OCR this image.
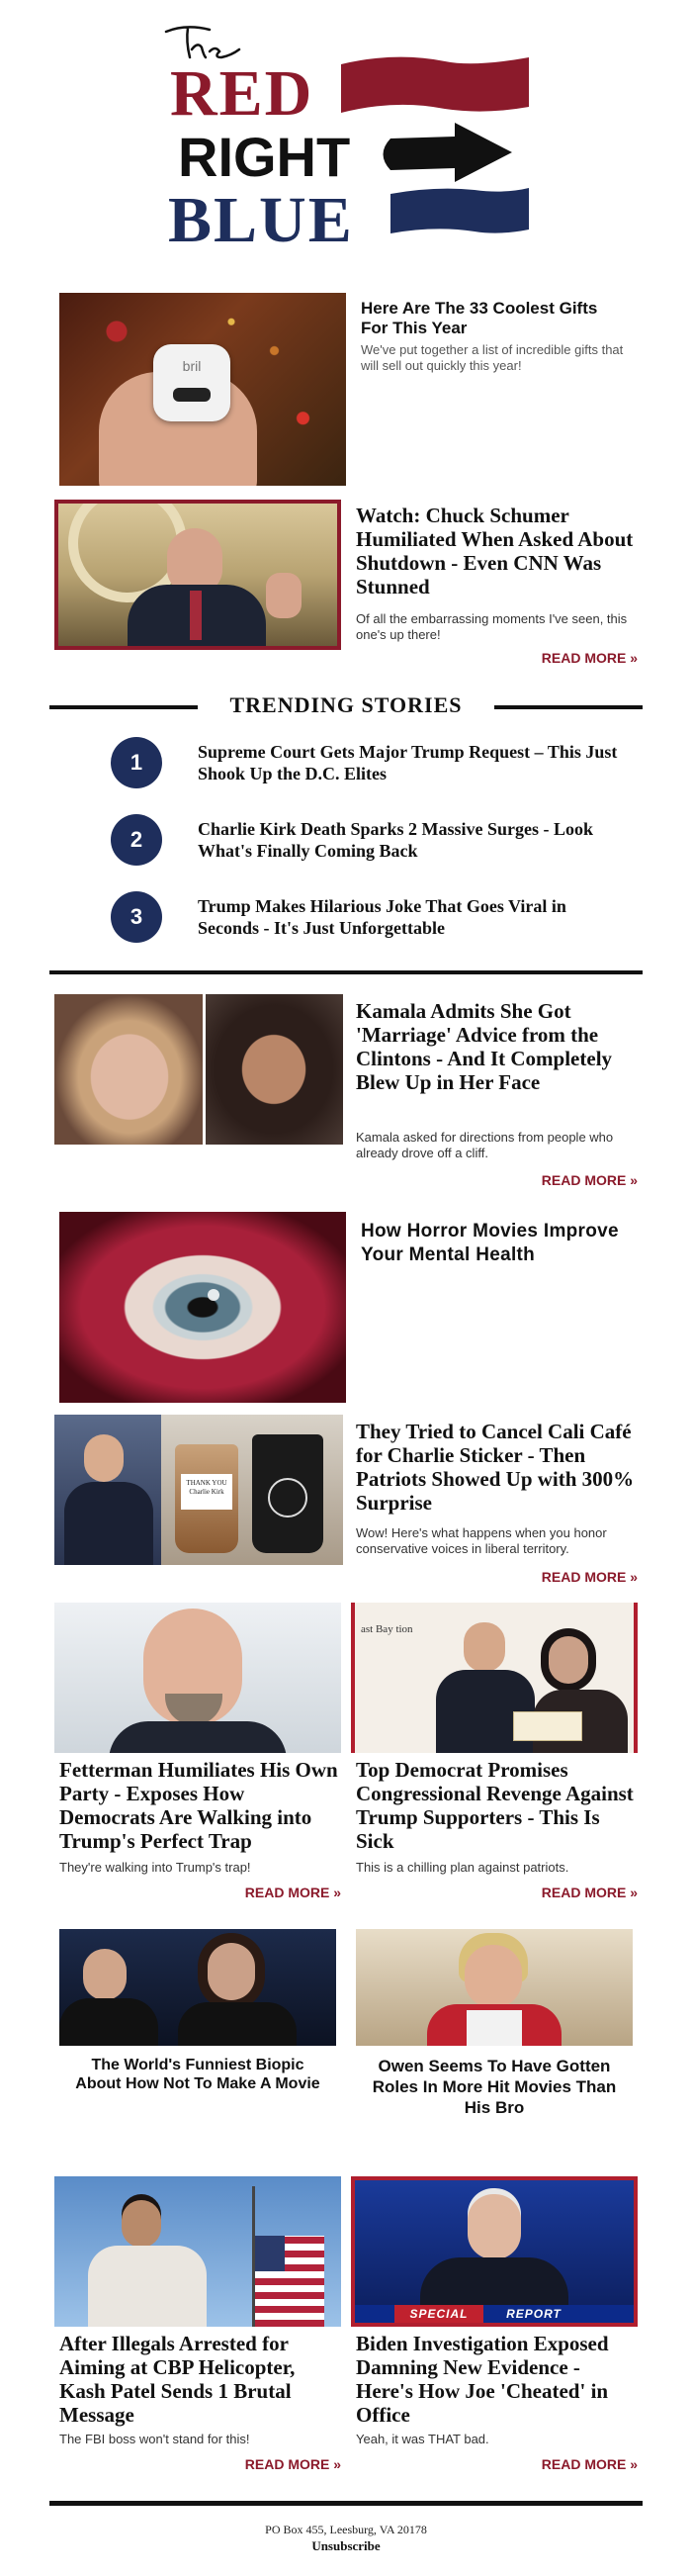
RED
RIGHT
BLUE
bril
Here Are The 33 Coolest Gifts For This Year
We've put together a list of incredible gifts that will sell out quickly this year!
Watch: Chuck Schumer Humiliated When Asked About Shutdown - Even CNN Was Stunned
Of all the embarrassing moments I've seen, this one's up there!
READ MORE »
TRENDING STORIES
1	Supreme Court Gets Major Trump Request – This Just Shook Up the D.C. Elites
2	Charlie Kirk Death Sparks 2 Massive Surges - Look What's Finally Coming Back
3	Trump Makes Hilarious Joke That Goes Viral in Seconds - It's Just Unforgettable
Kamala Admits She Got 'Marriage' Advice from the Clintons - And It Completely Blew Up in Her Face
Kamala asked for directions from people who already drove off a cliff.
READ MORE »
How Horror Movies Improve Your Mental Health
THANK YOU Charlie Kirk
They Tried to Cancel Cali Café for Charlie Sticker - Then Patriots Showed Up with 300% Surprise
Wow! Here's what happens when you honor conservative voices in liberal territory.
READ MORE »
Fetterman Humiliates His Own Party - Exposes How Democrats Are Walking into Trump's Perfect Trap
They're walking into Trump's trap!
READ MORE »
ast Bay tion
Top Democrat Promises Congressional Revenge Against Trump Supporters - This Is Sick
This is a chilling plan against patriots.
READ MORE »
The World's Funniest Biopic About How Not To Make A Movie
Owen Seems To Have Gotten Roles In More Hit Movies Than His Bro
After Illegals Arrested for Aiming at CBP Helicopter, Kash Patel Sends 1 Brutal Message
The FBI boss won't stand for this!
READ MORE »
SPECIAL	REPORT
Biden Investigation Exposed Damning New Evidence - Here's How Joe 'Cheated' in Office
Yeah, it was THAT bad.
READ MORE »
PO Box 455, Leesburg, VA 20178
Unsubscribe
